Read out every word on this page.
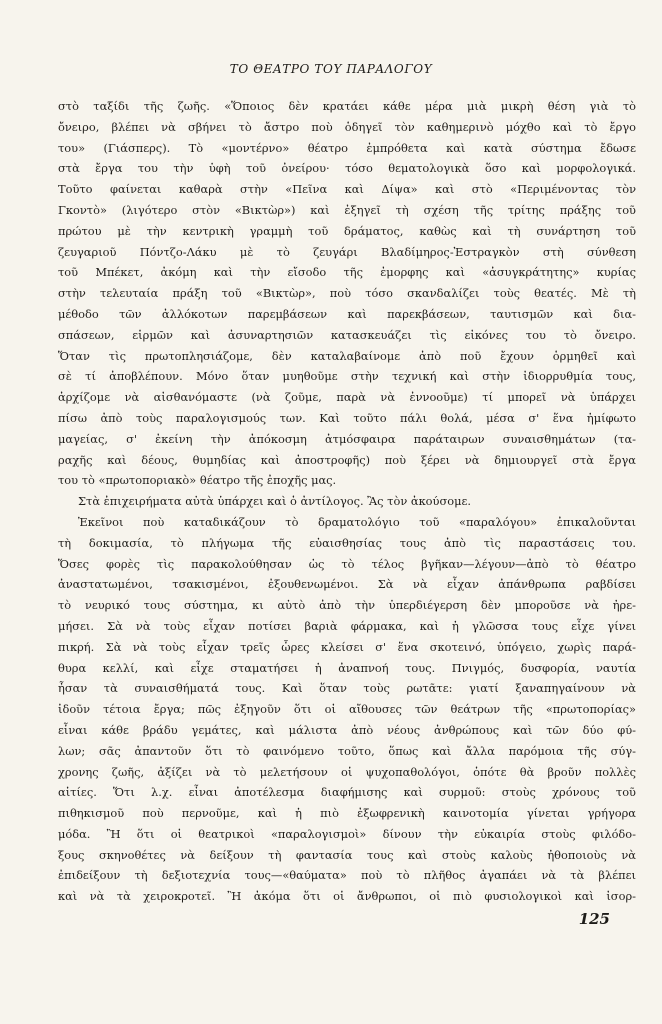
ΤΟ ΘΕΑΤΡΟ ΤΟΥ ΠΑΡΑΛΟΓΟΥ
στὸ ταξίδι τῆς ζωῆς. «Ὅποιος δὲν κρατάει κάθε μέρα μιὰ μικρὴ θέση γιὰ τὸ
ὄνειρο, βλέπει νὰ σβήνει τὸ ἄστρο ποὺ ὁδηγεῖ τὸν καθημερινὸ μόχθο καὶ τὸ ἔργο
του» (Γιάσπερς). Τὸ «μοντέρνο» θέατρο ἐμπρόθετα καὶ κατὰ σύστημα ἔδωσε
στὰ ἔργα του τὴν ὑφὴ τοῦ ὀνείρου· τόσο θεματολογικὰ ὅσο καὶ μορφολογικά.
Τοῦτο φαίνεται καθαρὰ στὴν «Πεῖνα καὶ Δίψα» καὶ στὸ «Περιμένοντας τὸν
Γκοντὸ» (λιγότερο στὸν «Βικτὼρ») καὶ ἐξηγεῖ τὴ σχέση τῆς τρίτης πράξης τοῦ
πρώτου μὲ τὴν κεντρικὴ γραμμὴ τοῦ δράματος, καθὼς καὶ τὴ συνάρτηση τοῦ
ζευγαριοῦ Πόντζο-Λάκυ μὲ τὸ ζευγάρι Βλαδίμηρος-Ἐστραγκὸν στὴ σύνθεση
τοῦ Μπέκετ, ἀκόμη καὶ τὴν εἴσοδο τῆς ἐμορφης καὶ «ἀσυγκράτητης» κυρίας
στὴν τελευταία πράξη τοῦ «Βικτὼρ», ποὺ τόσο σκανδαλίζει τοὺς θεατές. Μὲ τὴ
μέθοδο τῶν ἀλλόκοτων παρεμβάσεων καὶ παρεκβάσεων, ταυτισμῶν καὶ δια-
σπάσεων, εἱρμῶν καὶ ἀσυναρτησιῶν κατασκευάζει τὶς εἰκόνες του τὸ ὄνειρο.
Ὅταν τὶς πρωτοπλησιάζομε, δὲν καταλαβαίνομε ἀπὸ ποῦ ἔχουν ὁρμηθεῖ καὶ
σὲ τί ἀποβλέπουν. Μόνο ὅταν μυηθοῦμε στὴν τεχνική καὶ στὴν ἰδιορρυθμία τους,
ἀρχίζομε νὰ αἰσθανόμαστε (νὰ ζοῦμε, παρὰ νὰ ἐννοοῦμε) τί μπορεῖ νὰ ὑπάρχει
πίσω ἀπὸ τοὺς παραλογισμούς των. Καὶ τοῦτο πάλι θολά, μέσα σ' ἕνα ἡμίφωτο
μαγείας, σ' ἐκείνη τὴν ἀπόκοσμη ἀτμόσφαιρα παράταιρων συναισθημάτων (τα-
ραχῆς καὶ δέους, θυμηδίας καὶ ἀποστροφῆς) ποὺ ξέρει νὰ δημιουργεῖ στὰ ἔργα
του τὸ «πρωτοποριακὸ» θέατρο τῆς ἐποχῆς μας.
Στὰ ἐπιχειρήματα αὐτὰ ὑπάρχει καὶ ὁ ἀντίλογος. Ἂς τὸν ἀκούσομε.
Ἐκεῖνοι ποὺ καταδικάζουν τὸ δραματολόγιο τοῦ «παραλόγου» ἐπικαλοῦνται
τὴ δοκιμασία, τὸ πλήγωμα τῆς εὐαισθησίας τους ἀπὸ τὶς παραστάσεις του.
Ὅσες φορὲς τὶς παρακολούθησαν ὡς τὸ τέλος βγῆκαν—λέγουν—ἀπὸ τὸ θέατρο
ἀναστατωμένοι, τσακισμένοι, ἐξουθενωμένοι. Σὰ νὰ εἶχαν ἀπάνθρωπα ραβδίσει
τὸ νευρικό τους σύστημα, κι αὐτὸ ἀπὸ τὴν ὑπερδιέγερση δὲν μποροῦσε νὰ ἠρε-
μήσει. Σὰ νὰ τοὺς εἶχαν ποτίσει βαριὰ φάρμακα, καὶ ἡ γλῶσσα τους εἶχε γίνει
πικρή. Σὰ νὰ τοὺς εἶχαν τρεῖς ὧρες κλείσει σ' ἕνα σκοτεινό, ὑπόγειο, χωρὶς παρά-
θυρα κελλί, καὶ εἶχε σταματήσει ἡ ἀναπνοή τους. Πνιγμός, δυσφορία, ναυτία
ἦσαν τὰ συναισθήματά τους. Καὶ ὅταν τοὺς ρωτᾶτε: γιατί ξαναπηγαίνουν νὰ
ἰδοῦν τέτοια ἔργα; πῶς ἐξηγοῦν ὅτι οἱ αἴθουσες τῶν θεάτρων τῆς «πρωτοπορίας»
εἶναι κάθε βράδυ γεμάτες, καὶ μάλιστα ἀπὸ νέους ἀνθρώπους καὶ τῶν δύο φύ-
λων; σᾶς ἀπαντοῦν ὅτι τὸ φαινόμενο τοῦτο, ὅπως καὶ ἄλλα παρόμοια τῆς σύγ-
χρονης ζωῆς, ἀξίζει νὰ τὸ μελετήσουν οἱ ψυχοπαθολόγοι, ὁπότε θὰ βροῦν πολλὲς
αἰτίες. Ὅτι λ.χ. εἶναι ἀποτέλεσμα διαφήμισης καὶ συρμοῦ: στοὺς χρόνους τοῦ
πιθηκισμοῦ ποὺ περνοῦμε, καὶ ἡ πιὸ ἐξωφρενικὴ καινοτομία γίνεται γρήγορα
μόδα. Ἢ ὅτι οἱ θεατρικοὶ «παραλογισμοὶ» δίνουν τὴν εὐκαιρία στοὺς φιλόδο-
ξους σκηνοθέτες νὰ δείξουν τὴ φαντασία τους καὶ στοὺς καλοὺς ἠθοποιοὺς νὰ
ἐπιδείξουν τὴ δεξιοτεχνία τους—«θαύματα» ποὺ τὸ πλῆθος ἀγαπάει νὰ τὰ βλέπει
καὶ νὰ τὰ χειροκροτεῖ. Ἢ ἀκόμα ὅτι οἱ ἄνθρωποι, οἱ πιὸ φυσιολογικοὶ καὶ ἰσορ-
125
